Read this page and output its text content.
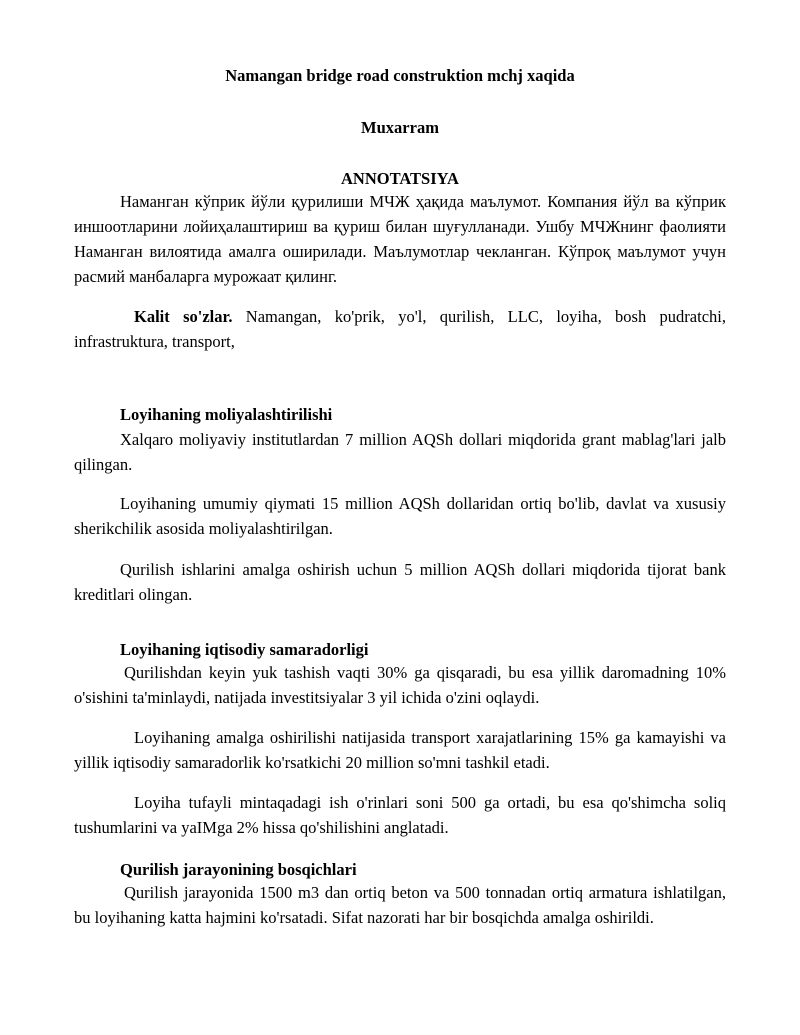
Namangan bridge road construktion mchj xaqida
Muxarram
ANNOTATSIYA

Наманган кўприк йўли қурилиши МЧЖ ҳақида маълумот. Компания йўл ва кўприк иншоотларини лойиҳалаштириш ва қуриш билан шуғулланади. Ушбу МЧЖнинг фаолияти Наманган вилоятида амалга оширилади. Маълумотлар чекланган. Кўпроқ маълумот учун расмий манбаларга мурожаат қилинг.

Kalit so'zlar. Namangan, ko'prik, yo'l, qurilish, LLC, loyiha, bosh pudratchi, infrastruktura, transport,

Loyihaning moliyalashtirilishi

Xalqaro moliyaviy institutlardan 7 million AQSh dollari miqdorida grant mablag'lari jalb qilingan.

Loyihaning umumiy qiymati 15 million AQSh dollaridan ortiq bo'lib, davlat va xususiy sherikchilik asosida moliyalashtirilgan.

Qurilish ishlarini amalga oshirish uchun 5 million AQSh dollari miqdorida tijorat bank kreditlari olingan.

Loyihaning iqtisodiy samaradorligi

Qurilishdan keyin yuk tashish vaqti 30% ga qisqaradi, bu esa yillik daromadning 10% o'sishini ta'minlaydi, natijada investitsiyalar 3 yil ichida o'zini oqlaydi.

Loyihaning amalga oshirilishi natijasida transport xarajatlarining 15% ga kamayishi va yillik iqtisodiy samaradorlik ko'rsatkichi 20 million so'mni tashkil etadi.

Loyiha tufayli mintaqadagi ish o'rinlari soni 500 ga ortadi, bu esa qo'shimcha soliq tushumlarini va yaIMga 2% hissa qo'shilishini anglatadi.

Qurilish jarayonining bosqichlari

Qurilish jarayonida 1500 m3 dan ortiq beton va 500 tonnadan ortiq armatura ishlatilgan, bu loyihaning katta hajmini ko'rsatadi. Sifat nazorati har bir bosqichda amalga oshirildi.
